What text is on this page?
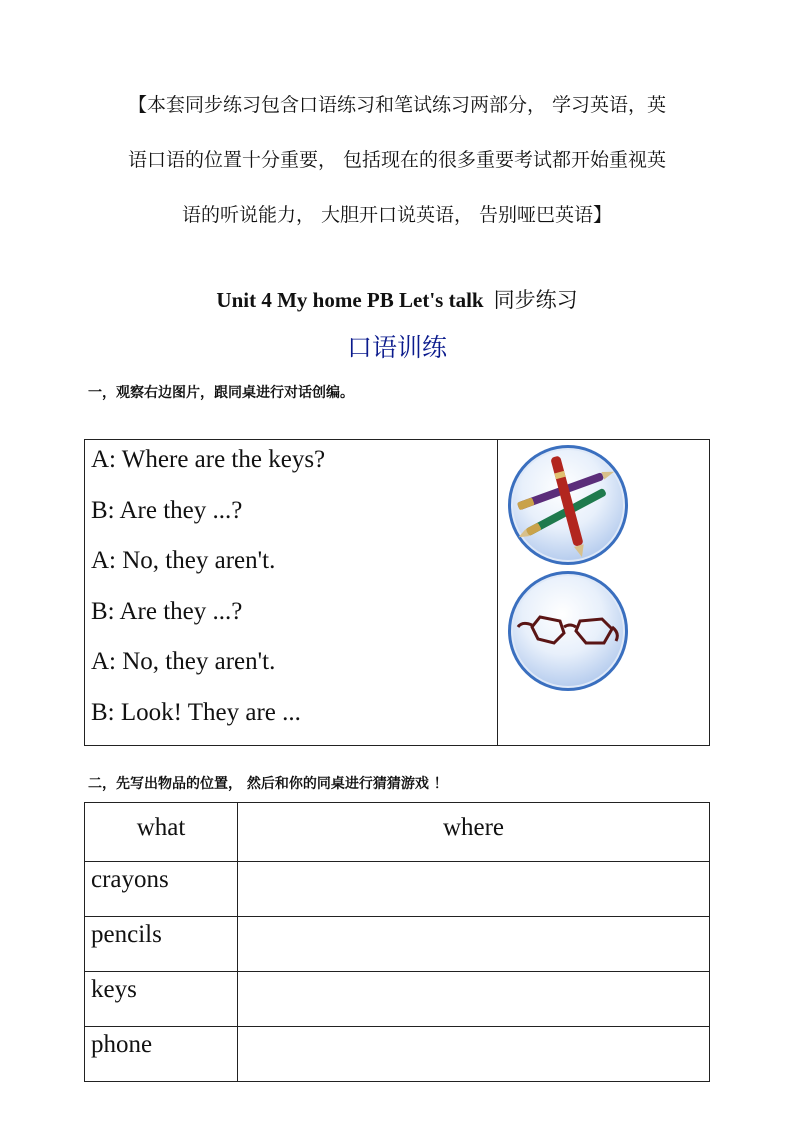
【本套同步练习包含口语练习和笔试练习两部分， 学习英语，英
语口语的位置十分重要， 包括现在的很多重要考试都开始重视英
语的听说能力， 大胆开口说英语， 告别哑巴英语】
Unit 4 My home PB Let's talk 同步练习
口语训练
一，观察右边图片，跟同桌进行对话创编。
A: Where are the keys?
B: Are they ...?
A: No, they aren't.
B: Are they ...?
A: No, they aren't.
B: Look! They are ...

二，先写出物品的位置， 然后和你的同桌进行猜猜游戏 ！
what	where
crayons	
pencils	
keys	
phone	
